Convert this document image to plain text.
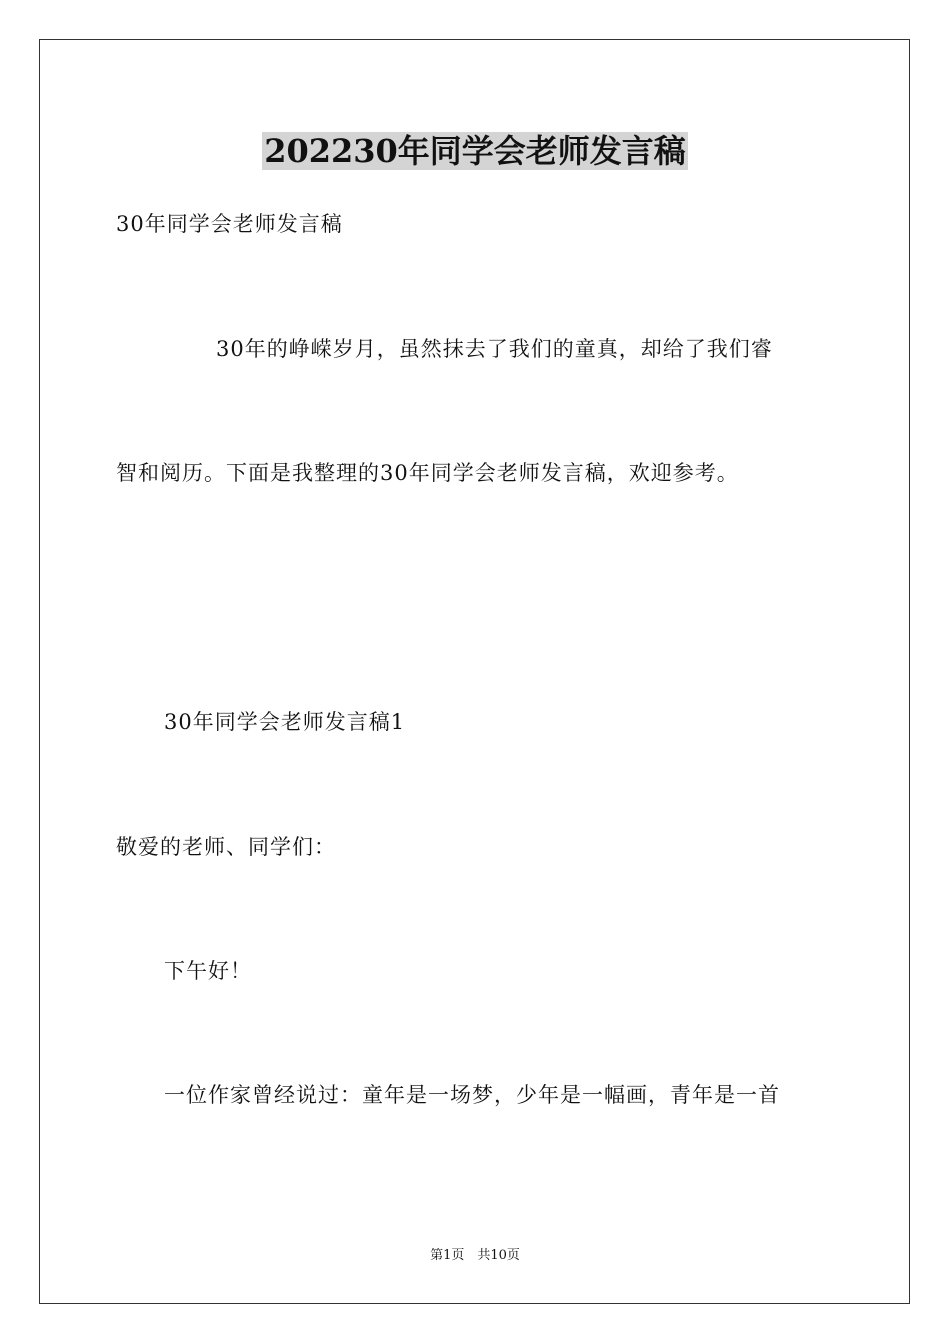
202230年同学会老师发言稿

30年同学会老师发言稿

30年的峥嵘岁月，虽然抹去了我们的童真，却给了我们睿

智和阅历。下面是我整理的30年同学会老师发言稿，欢迎参考。

30年同学会老师发言稿1

敬爱的老师、同学们：

下午好！

一位作家曾经说过：童年是一场梦，少年是一幅画，青年是一首

第1页　共10页
